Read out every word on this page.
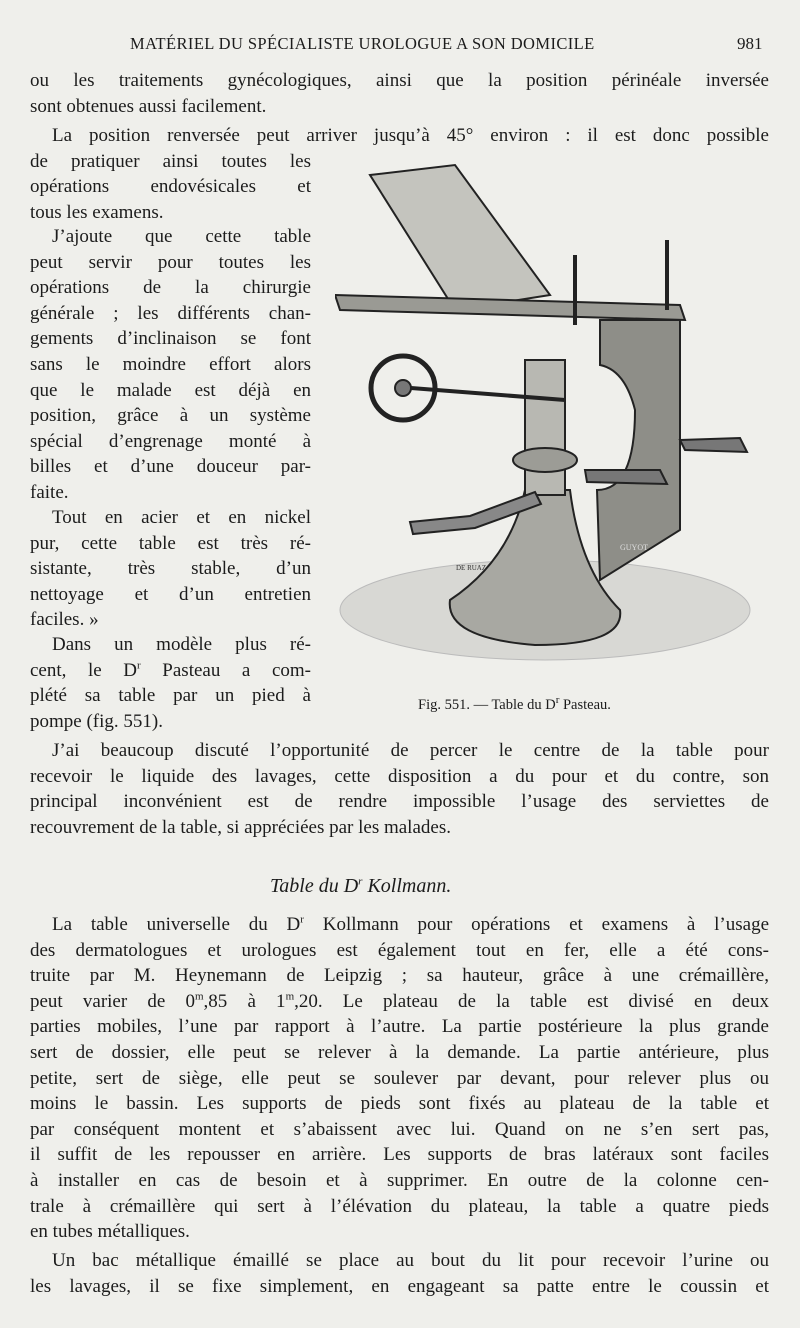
MATÉRIEL DU SPÉCIALISTE UROLOGUE A SON DOMICILE	981
ou les traitements gynécologiques, ainsi que la position périnéale inversée
sont obtenues aussi facilement.
La position renversée peut arriver jusqu’à 45° environ : il est donc possible
de pratiquer ainsi toutes les
opérations endovésicales et
tous les examens.
J’ajoute que cette table
peut servir pour toutes les
opérations de la chirurgie
générale ; les différents chan-
gements d’inclinaison se font
sans le moindre effort alors
que le malade est déjà en
position, grâce à un système
spécial d’engrenage monté à
billes et d’une douceur par-
faite.
Tout en acier et en nickel
pur, cette table est très ré-
sistante, très stable, d’un
nettoyage et d’un entretien
faciles. »
Dans un modèle plus ré-
cent, le $D^r$ Pasteau a com-
plété sa table par un pied à
pompe (fig. 551).
DE RUAZ
GUYOT
Fig. 551. — Table du $D^r$ Pasteau.
J’ai beaucoup discuté l’opportunité de percer le centre de la table pour
recevoir le liquide des lavages, cette disposition a du pour et du contre, son
principal inconvénient est de rendre impossible l’usage des serviettes de
recouvrement de la table, si appréciées par les malades.
Table du $D^r$ Kollmann.
La table universelle du $D^r$ Kollmann pour opérations et examens à l’usage
des dermatologues et urologues est également tout en fer, elle a été cons-
truite par M. Heynemann de Leipzig ; sa hauteur, grâce à une crémaillère,
peut varier de 0$^m$,85 à 1$^m$,20. Le plateau de la table est divisé en deux
parties mobiles, l’une par rapport à l’autre. La partie postérieure la plus grande
sert de dossier, elle peut se relever à la demande. La partie antérieure, plus
petite, sert de siège, elle peut se soulever par devant, pour relever plus ou
moins le bassin. Les supports de pieds sont fixés au plateau de la table et
par conséquent montent et s’abaissent avec lui. Quand on ne s’en sert pas,
il suffit de les repousser en arrière. Les supports de bras latéraux sont faciles
à installer en cas de besoin et à supprimer. En outre de la colonne cen-
trale à crémaillère qui sert à l’élévation du plateau, la table a quatre pieds
en tubes métalliques.
Un bac métallique émaillé se place au bout du lit pour recevoir l’urine ou
les lavages, il se fixe simplement, en engageant sa patte entre le coussin et
